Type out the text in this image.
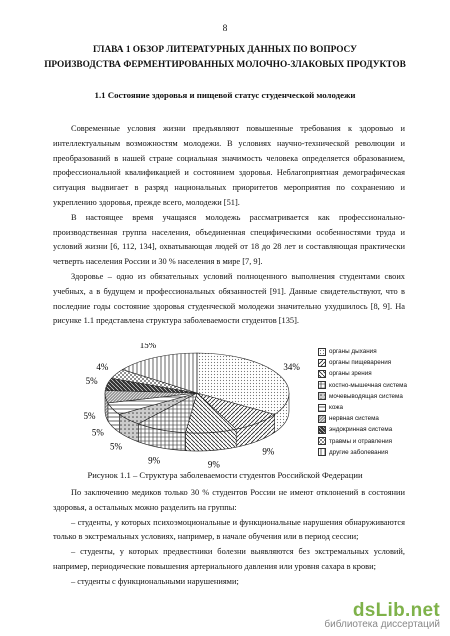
8
ГЛАВА 1 ОБЗОР ЛИТЕРАТУРНЫХ ДАННЫХ ПО ВОПРОСУ
ПРОИЗВОДСТВА ФЕРМЕНТИРОВАННЫХ МОЛОЧНО-ЗЛАКОВЫХ ПРОДУКТОВ
1.1 Состояние здоровья и пищевой статус студенческой молодежи

Современные условия жизни предъявляют повышенные требования к здоровью и интеллектуальным возможностям молодежи. В условиях научно-технической революции и преобразований в нашей стране социальная значимость человека определяется образованием, профессиональной квалификацией и состоянием здоровья. Неблагоприятная демографическая ситуация выдвигает в разряд национальных приоритетов мероприятия по сохранению и укреплению здоровья, прежде всего, молодежи [51].

В настоящее время учащаяся молодежь рассматривается как профессионально-производственная группа населения, объединенная специфическими особенностями труда и условий жизни [6, 112, 134], охватывающая людей от 18 до 28 лет и составляющая практически четверть населения России и 30 % населения в мире [7, 9].

Здоровье – одно из обязательных условий полноценного выполнения студентами своих учебных, а в будущем и профессиональных обязанностей [91]. Данные свидетельствуют, что в последние годы состояние здоровья студенческой молодежи значительно ухудшилось [8, 9]. На рисунке 1.1 представлена структура заболеваемости студентов [135].

34%
9%
9%
9%
5%
5%
5%
5%
4%
15%
органы дыхания
органы пищеварения
органы зрения
костно-мышечная система
мочевыводящая система
кожа
нервная система
эндокринная система
травмы и отравления
другие заболевания
Рисунок 1.1 – Структура заболеваемости студентов Российской Федерации

По заключению медиков только 30 % студентов России не имеют отклонений в состоянии здоровья, а остальных можно разделить на группы:

– студенты, у которых психоэмоциональные и функциональные нарушения обнаруживаются только в экстремальных условиях, например, в начале обучения или в период сессии;

– студенты, у которых предвестники болезни выявляются без экстремальных условий, например, периодические повышения артериального давления или уровня сахара в крови;

– студенты с функциональными нарушениями;

dsLib.net
библиотека диссертаций
